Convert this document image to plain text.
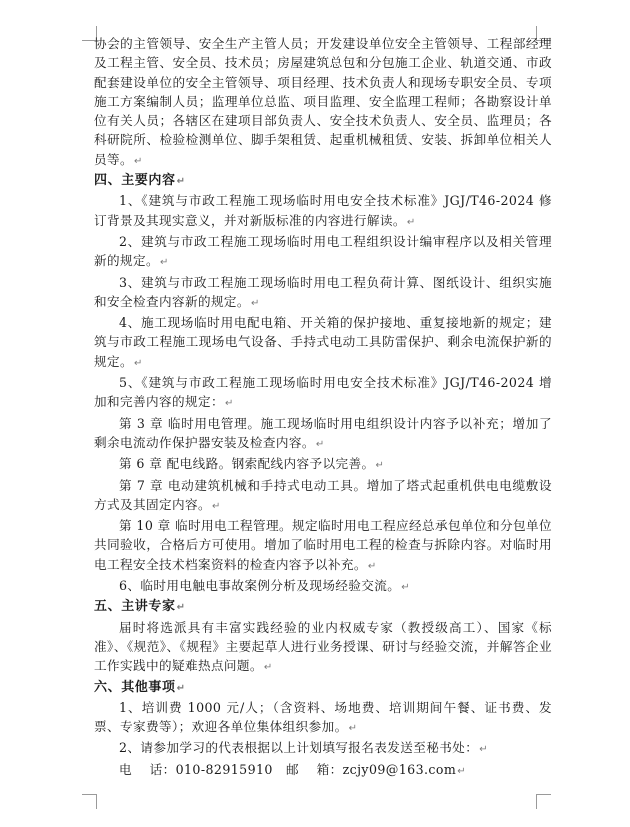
协会的主管领导、安全生产主管人员；开发建设单位安全主管领导、工程部经理及工程主管、安全员、技术员；房屋建筑总包和分包施工企业、轨道交通、市政配套建设单位的安全主管领导、项目经理、技术负责人和现场专职安全员、专项施工方案编制人员；监理单位总监、项目监理、安全监理工程师；各勘察设计单位有关人员；各辖区在建项目部负责人、安全技术负责人、安全员、监理员；各科研院所、检验检测单位、脚手架租赁、起重机械租赁、安装、拆卸单位相关人员等。↵

四、主要内容↵

1、《建筑与市政工程施工现场临时用电安全技术标准》JGJ/T46-2024 修订背景及其现实意义，并对新版标准的内容进行解读。↵

2、建筑与市政工程施工现场临时用电工程组织设计编审程序以及相关管理新的规定。↵

3、建筑与市政工程施工现场临时用电工程负荷计算、图纸设计、组织实施和安全检查内容新的规定。↵

4、施工现场临时用电配电箱、开关箱的保护接地、重复接地新的规定；建筑与市政工程施工现场电气设备、手持式电动工具防雷保护、剩余电流保护新的规定。↵

5、《建筑与市政工程施工现场临时用电安全技术标准》JGJ/T46-2024 增加和完善内容的规定：↵

第 3 章 临时用电管理。施工现场临时用电组织设计内容予以补充；增加了剩余电流动作保护器安装及检查内容。↵

第 6 章 配电线路。钢索配线内容予以完善。↵

第 7 章 电动建筑机械和手持式电动工具。增加了塔式起重机供电电缆敷设方式及其固定内容。↵

第 10 章 临时用电工程管理。规定临时用电工程应经总承包单位和分包单位共同验收，合格后方可使用。增加了临时用电工程的检查与拆除内容。对临时用电工程安全技术档案资料的检查内容予以补充。↵

6、临时用电触电事故案例分析及现场经验交流。↵

五、主讲专家↵

届时将选派具有丰富实践经验的业内权威专家（教授级高工）、国家《标准》、《规范》、《规程》主要起草人进行业务授课、研讨与经验交流，并解答企业工作实践中的疑难热点问题。↵

六、其他事项↵

1、培训费 1000 元/人；（含资料、场地费、培训期间午餐、证书费、发票、专家费等）；欢迎各单位集体组织参加。↵

2、请参加学习的代表根据以上计划填写报名表发送至秘书处：↵

电    话：010-82915910 邮    箱：zcjy09@163.com↵
